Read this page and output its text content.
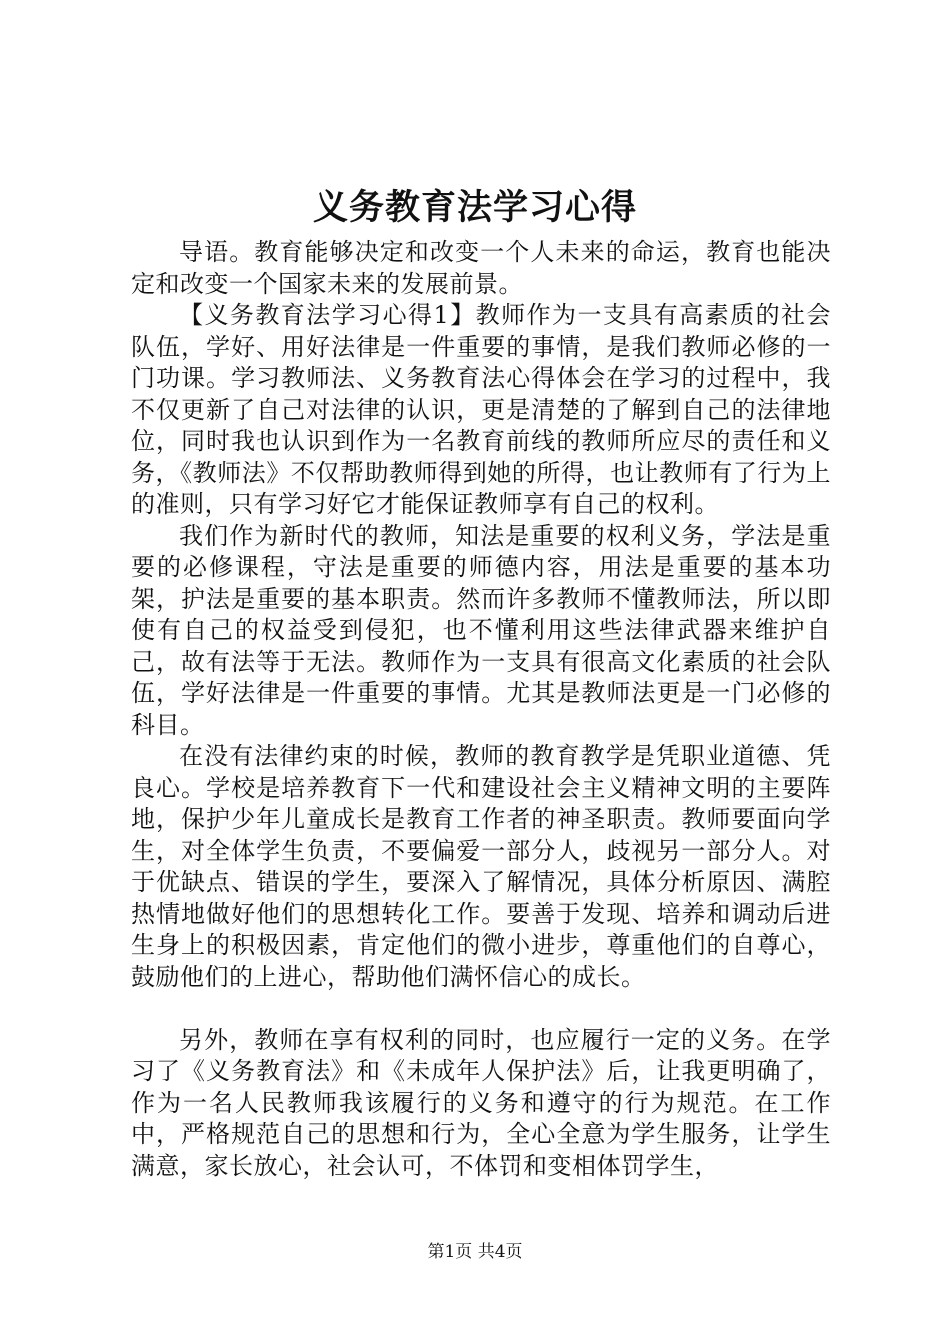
义务教育法学习心得

导语。教育能够决定和改变一个人未来的命运，教育也能决定和改变一个国家未来的发展前景。

【义务教育法学习心得1】教师作为一支具有高素质的社会队伍，学好、用好法律是一件重要的事情，是我们教师必修的一门功课。学习教师法、义务教育法心得体会在学习的过程中，我不仅更新了自己对法律的认识，更是清楚的了解到自己的法律地位，同时我也认识到作为一名教育前线的教师所应尽的责任和义务，《教师法》不仅帮助教师得到她的所得，也让教师有了行为上的准则，只有学习好它才能保证教师享有自己的权利。

我们作为新时代的教师，知法是重要的权利义务，学法是重要的必修课程，守法是重要的师德内容，用法是重要的基本功架，护法是重要的基本职责。然而许多教师不懂教师法，所以即使有自己的权益受到侵犯，也不懂利用这些法律武器来维护自己，故有法等于无法。教师作为一支具有很高文化素质的社会队伍，学好法律是一件重要的事情。尤其是教师法更是一门必修的科目。

在没有法律约束的时候，教师的教育教学是凭职业道德、凭良心。学校是培养教育下一代和建设社会主义精神文明的主要阵地，保护少年儿童成长是教育工作者的神圣职责。教师要面向学生，对全体学生负责，不要偏爱一部分人，歧视另一部分人。对于优缺点、错误的学生，要深入了解情况，具体分析原因、满腔热情地做好他们的思想转化工作。要善于发现、培养和调动后进生身上的积极因素，肯定他们的微小进步，尊重他们的自尊心，鼓励他们的上进心，帮助他们满怀信心的成长。

另外，教师在享有权利的同时，也应履行一定的义务。在学习了《义务教育法》和《未成年人保护法》后，让我更明确了，作为一名人民教师我该履行的义务和遵守的行为规范。在工作中，严格规范自己的思想和行为，全心全意为学生服务，让学生满意，家长放心，社会认可，不体罚和变相体罚学生，

第1页 共4页
